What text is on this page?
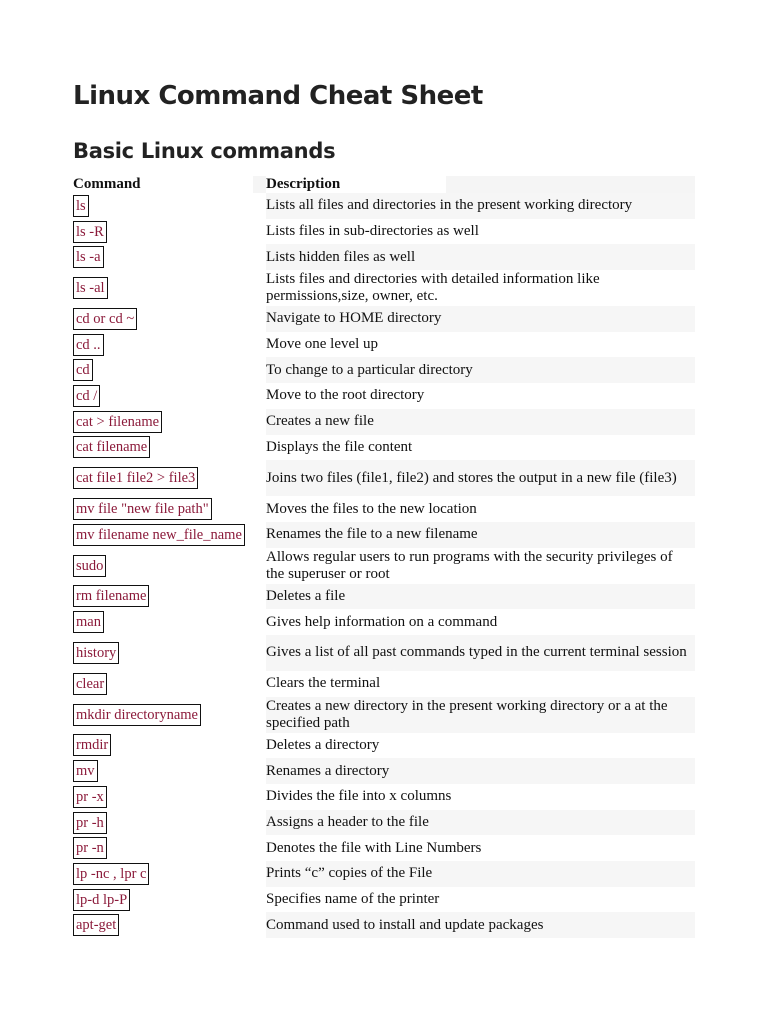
Linux Command Cheat Sheet
Basic Linux commands
Command	Description
ls	Lists all files and directories in the present working directory
ls -R	Lists files in sub-directories as well
ls -a	Lists hidden files as well
ls -al	Lists files and directories with detailed information like permissions,size, owner, etc.
cd or cd ~	Navigate to HOME directory
cd ..	Move one level up
cd	To change to a particular directory
cd /	Move to the root directory
cat > filename	Creates a new file
cat filename	Displays the file content
cat file1 file2 > file3	Joins two files (file1, file2) and stores the output in a new file (file3)
mv file "new file path"	Moves the files to the new location
mv filename new_file_name	Renames the file to a new filename
sudo	Allows regular users to run programs with the security privileges of the superuser or root
rm filename	Deletes a file
man	Gives help information on a command
history	Gives a list of all past commands typed in the current terminal session
clear	Clears the terminal
mkdir directoryname	Creates a new directory in the present working directory or a at the specified path
rmdir	Deletes a directory
mv	Renames a directory
pr -x	Divides the file into x columns
pr -h	Assigns a header to the file
pr -n	Denotes the file with Line Numbers
lp -nc , lpr c	Prints “c” copies of the File
lp-d lp-P	Specifies name of the printer
apt-get	Command used to install and update packages
